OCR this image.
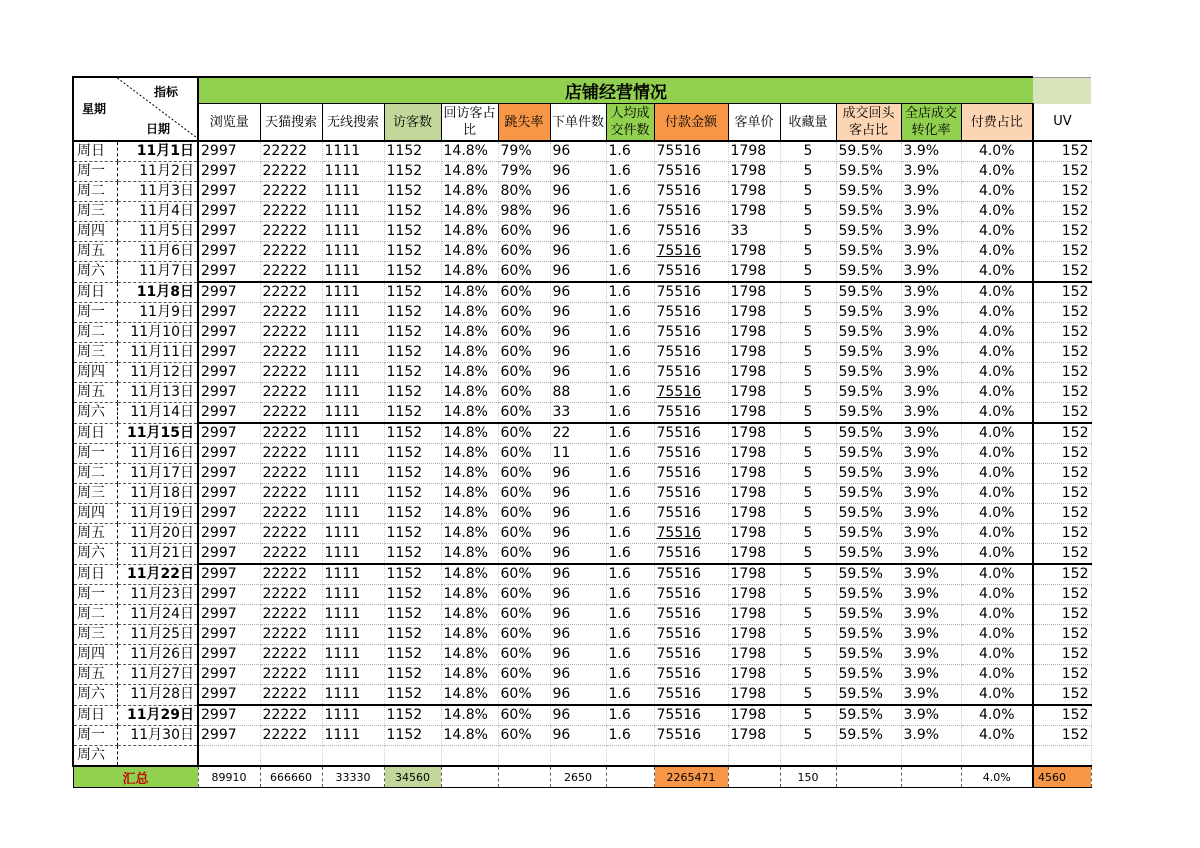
指标
星期
日期		店铺经营情况														
		浏览量	天猫搜索	无线搜索	访客数	回访客占比	跳失率	下单件数	人均成交件数	付款金额	客单价	收藏量	成交回头客占比	全店成交转化率	付费占比	UV
周日	11月1日	2997	22222	1111	1152	14.8%	79%	96	1.6	75516	1798	5	59.5%	3.9%	4.0%	152
周一	11月2日	2997	22222	1111	1152	14.8%	79%	96	1.6	75516	1798	5	59.5%	3.9%	4.0%	152
周二	11月3日	2997	22222	1111	1152	14.8%	80%	96	1.6	75516	1798	5	59.5%	3.9%	4.0%	152
周三	11月4日	2997	22222	1111	1152	14.8%	98%	96	1.6	75516	1798	5	59.5%	3.9%	4.0%	152
周四	11月5日	2997	22222	1111	1152	14.8%	60%	96	1.6	75516	33	5	59.5%	3.9%	4.0%	152
周五	11月6日	2997	22222	1111	1152	14.8%	60%	96	1.6	75516	1798	5	59.5%	3.9%	4.0%	152
周六	11月7日	2997	22222	1111	1152	14.8%	60%	96	1.6	75516	1798	5	59.5%	3.9%	4.0%	152
周日	11月8日	2997	22222	1111	1152	14.8%	60%	96	1.6	75516	1798	5	59.5%	3.9%	4.0%	152
周一	11月9日	2997	22222	1111	1152	14.8%	60%	96	1.6	75516	1798	5	59.5%	3.9%	4.0%	152
周二	11月10日	2997	22222	1111	1152	14.8%	60%	96	1.6	75516	1798	5	59.5%	3.9%	4.0%	152
周三	11月11日	2997	22222	1111	1152	14.8%	60%	96	1.6	75516	1798	5	59.5%	3.9%	4.0%	152
周四	11月12日	2997	22222	1111	1152	14.8%	60%	96	1.6	75516	1798	5	59.5%	3.9%	4.0%	152
周五	11月13日	2997	22222	1111	1152	14.8%	60%	88	1.6	75516	1798	5	59.5%	3.9%	4.0%	152
周六	11月14日	2997	22222	1111	1152	14.8%	60%	33	1.6	75516	1798	5	59.5%	3.9%	4.0%	152
周日	11月15日	2997	22222	1111	1152	14.8%	60%	22	1.6	75516	1798	5	59.5%	3.9%	4.0%	152
周一	11月16日	2997	22222	1111	1152	14.8%	60%	11	1.6	75516	1798	5	59.5%	3.9%	4.0%	152
周二	11月17日	2997	22222	1111	1152	14.8%	60%	96	1.6	75516	1798	5	59.5%	3.9%	4.0%	152
周三	11月18日	2997	22222	1111	1152	14.8%	60%	96	1.6	75516	1798	5	59.5%	3.9%	4.0%	152
周四	11月19日	2997	22222	1111	1152	14.8%	60%	96	1.6	75516	1798	5	59.5%	3.9%	4.0%	152
周五	11月20日	2997	22222	1111	1152	14.8%	60%	96	1.6	75516	1798	5	59.5%	3.9%	4.0%	152
周六	11月21日	2997	22222	1111	1152	14.8%	60%	96	1.6	75516	1798	5	59.5%	3.9%	4.0%	152
周日	11月22日	2997	22222	1111	1152	14.8%	60%	96	1.6	75516	1798	5	59.5%	3.9%	4.0%	152
周一	11月23日	2997	22222	1111	1152	14.8%	60%	96	1.6	75516	1798	5	59.5%	3.9%	4.0%	152
周二	11月24日	2997	22222	1111	1152	14.8%	60%	96	1.6	75516	1798	5	59.5%	3.9%	4.0%	152
周三	11月25日	2997	22222	1111	1152	14.8%	60%	96	1.6	75516	1798	5	59.5%	3.9%	4.0%	152
周四	11月26日	2997	22222	1111	1152	14.8%	60%	96	1.6	75516	1798	5	59.5%	3.9%	4.0%	152
周五	11月27日	2997	22222	1111	1152	14.8%	60%	96	1.6	75516	1798	5	59.5%	3.9%	4.0%	152
周六	11月28日	2997	22222	1111	1152	14.8%	60%	96	1.6	75516	1798	5	59.5%	3.9%	4.0%	152
周日	11月29日	2997	22222	1111	1152	14.8%	60%	96	1.6	75516	1798	5	59.5%	3.9%	4.0%	152
周一	11月30日	2997	22222	1111	1152	14.8%	60%	96	1.6	75516	1798	5	59.5%	3.9%	4.0%	152
周六																
汇总		89910	666660	33330	34560			2650		2265471		150			4.0%	4560
